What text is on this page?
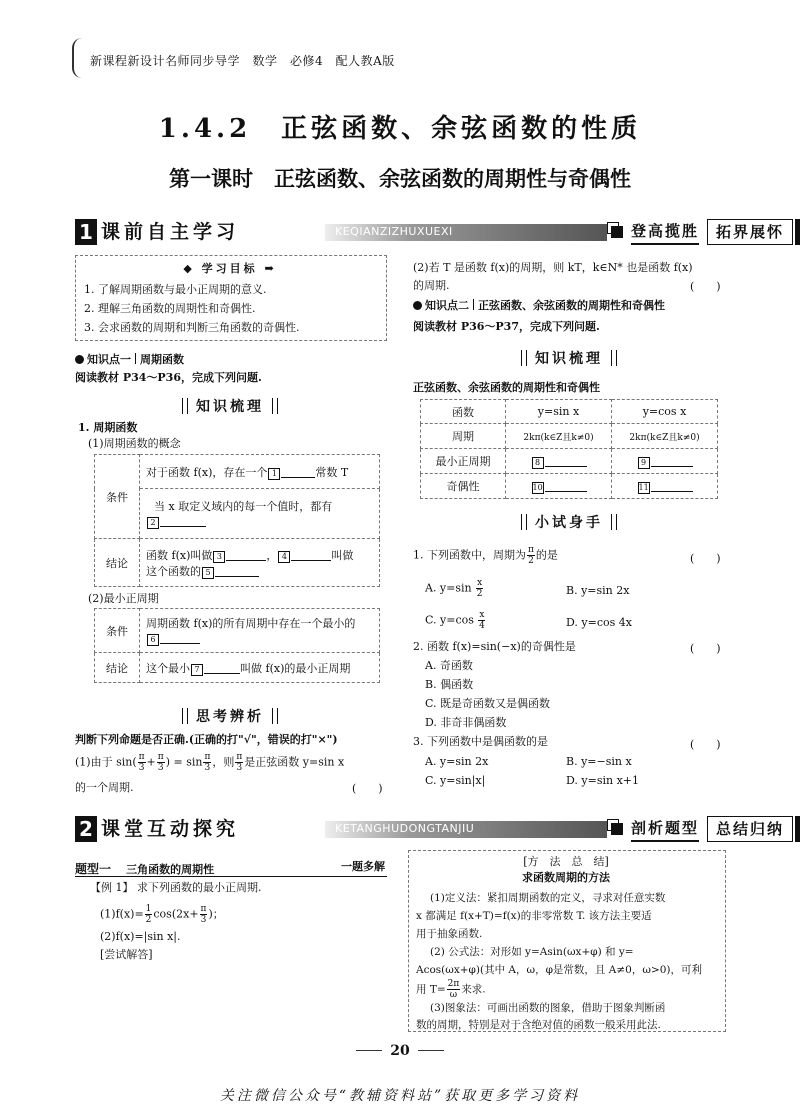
新课程新设计名师同步导学　数学　必修4　配人教A版
1.4.2　正弦函数、余弦函数的性质
第一课时　正弦函数、余弦函数的周期性与奇偶性
1 课前自主学习	KEQIANZIZHUXUEXI	登高揽胜	拓界展怀
◆ 学习目标 ➡
1. 了解周期函数与最小正周期的意义.
2. 理解三角函数的周期性和奇偶性.
3. 会求函数的周期和判断三角函数的奇偶性.
知识点一 周期函数
阅读教材 P34～P36，完成下列问题.
知识梳理
1. 周期函数
(1)周期函数的概念
条件	对于函数 f(x)，存在一个 1 常数 T

	当 x 取定义域内的每一个值时，都有
2

结论	函数 f(x)叫做 3 ， 4 叫做
这个函数的 5
(2)最小正周期
条件	周期函数 f(x)的所有周期中存在一个最小的
6

结论	这个最小 7 叫做 f(x)的最小正周期
思考辨析
判断下列命题是否正确.(正确的打"√"，错误的打"×")
(1)由于 $\sin( \frac{\pi}{3} + \frac{\pi}{3}$ ) = $\sin \frac{\pi}{3}$ ，则 $\frac{\pi}{3}$ 是正弦函数 y=sin x
的一个周期.	(　　)
(2)若 T 是函数 f(x)的周期，则 kT，k∈N* 也是函数 f(x)
的周期.	(　　)
知识点二 正弦函数、余弦函数的周期性和奇偶性
阅读教材 P36～P37，完成下列问题.
知识梳理
正弦函数、余弦函数的周期性和奇偶性
函数	y=sin x	y=cos x
周期	2kπ(k∈Z且k≠0)	2kπ(k∈Z且k≠0)
最小正周期	8	9
奇偶性	10	11
小试身手
1. 下列函数中，周期为 $\frac{\pi}{2}$ 的是	(　　)
A. $y=\sin \frac{x}{2}$	B. y=sin 2x
C. $y=\cos \frac{x}{4}$	D. y=cos 4x
2. 函数 f(x)=sin(−x)的奇偶性是	(　　)
A. 奇函数
B. 偶函数
C. 既是奇函数又是偶函数
D. 非奇非偶函数
3. 下列函数中是偶函数的是	(　　)
A. y=sin 2x	B. y=−sin x
C. y=sin|x|	D. y=sin x+1
2 课堂互动探究	KETANGHUDONGTANJIU	剖析题型	总结归纳
题型一 三角函数的周期性	一题多解
【例 1】 求下列函数的最小正周期.
$(1)f(x)= \frac{1}{2} \cos(2x+ \frac{\pi}{3}$ )；
(2)f(x)=|sin x|.
[尝试解答]
[方　法　总　结]
求函数周期的方法
(1)定义法：紧扣周期函数的定义，寻求对任意实数
x 都满足 f(x+T)=f(x)的非零常数 T. 该方法主要适
用于抽象函数.
(2) 公式法：对形如 y=Asin(ωx+φ) 和 y=
Acos(ωx+φ)(其中 A，ω，φ是常数，且 A≠0，ω>0)，可利
用 $T= \frac{2\pi}{\omega}$ 来求.
(3)图象法：可画出函数的图象，借助于图象判断函
数的周期，特别是对于含绝对值的函数一般采用此法.
20
关注微信公众号“教辅资料站”获取更多学习资料
